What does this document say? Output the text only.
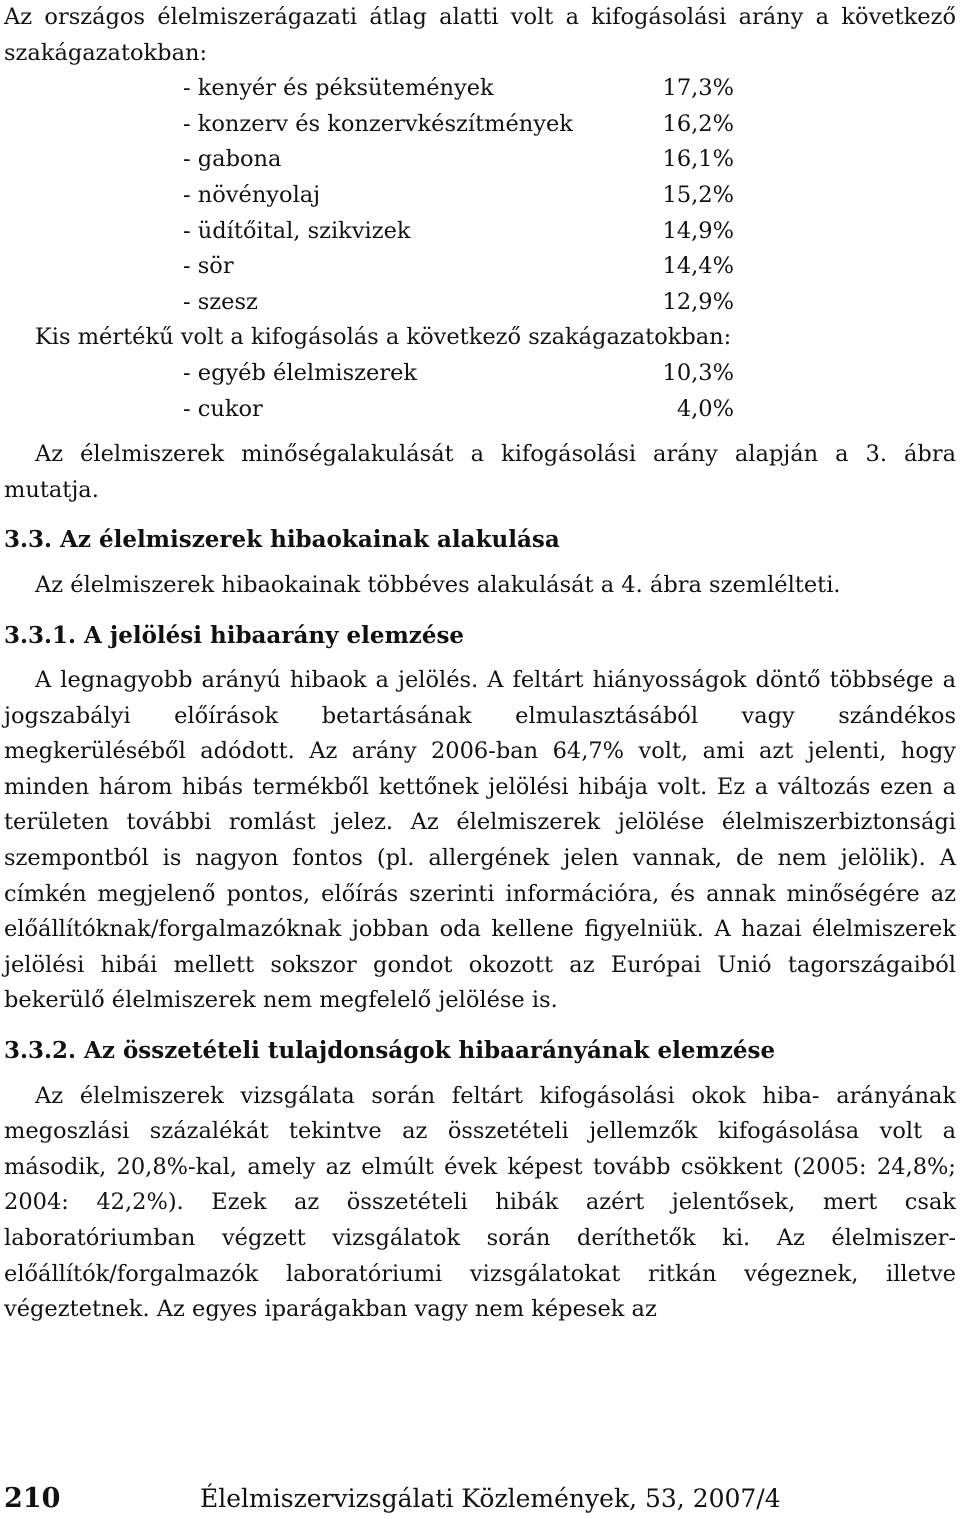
Az országos élelmiszerágazati átlag alatti volt a kifogásolási arány a következő szakágazatokban:

- kenyér és péksütemények	17,3%
- konzerv és konzervkészítmények	16,2%
- gabona	16,1%
- növényolaj	15,2%
- üdítőital, szikvizek	14,9%
- sör	14,4%
- szesz	12,9%

Kis mértékű volt a kifogásolás a következő szakágazatokban:

- egyéb élelmiszerek	10,3%
- cukor	4,0%

Az élelmiszerek minőségalakulását a kifogásolási arány alapján a 3. ábra mutatja.

3.3. Az élelmiszerek hibaokainak alakulása

Az élelmiszerek hibaokainak többéves alakulását a 4. ábra szemlélteti.

3.3.1. A jelölési hibaarány elemzése

A legnagyobb arányú hibaok a jelölés. A feltárt hiányosságok döntő többsége a jogszabályi előírások betartásának elmulasztásából vagy szándékos megkerüléséből adódott. Az arány 2006-ban 64,7% volt, ami azt jelenti, hogy minden három hibás termékből kettőnek jelölési hibája volt. Ez a változás ezen a területen további romlást jelez. Az élelmiszerek jelölése élelmiszerbiztonsági szempontból is nagyon fontos (pl. allergének jelen vannak, de nem jelölik). A címkén megjelenő pontos, előírás szerinti információra, és annak minőségére az előállítóknak/forgalmazóknak jobban oda kellene figyelniük. A hazai élelmiszerek jelölési hibái mellett sokszor gondot okozott az Európai Unió tagországaiból bekerülő élelmiszerek nem megfelelő jelölése is.

3.3.2. Az összetételi tulajdonságok hibaarányának elemzése

Az élelmiszerek vizsgálata során feltárt kifogásolási okok hiba- arányának megoszlási százalékát tekintve az összetételi jellemzők kifogásolása volt a második, 20,8%-kal, amely az elmúlt évek képest tovább csökkent (2005: 24,8%; 2004: 42,2%). Ezek az összetételi hibák azért jelentősek, mert csak laboratóriumban végzett vizsgálatok során deríthetők ki. Az élelmiszer-előállítók/forgalmazók laboratóriumi vizsgálatokat ritkán végeznek, illetve végeztetnek. Az egyes iparágakban vagy nem képesek az

210	Élelmiszervizsgálati Közlemények, 53, 2007/4
